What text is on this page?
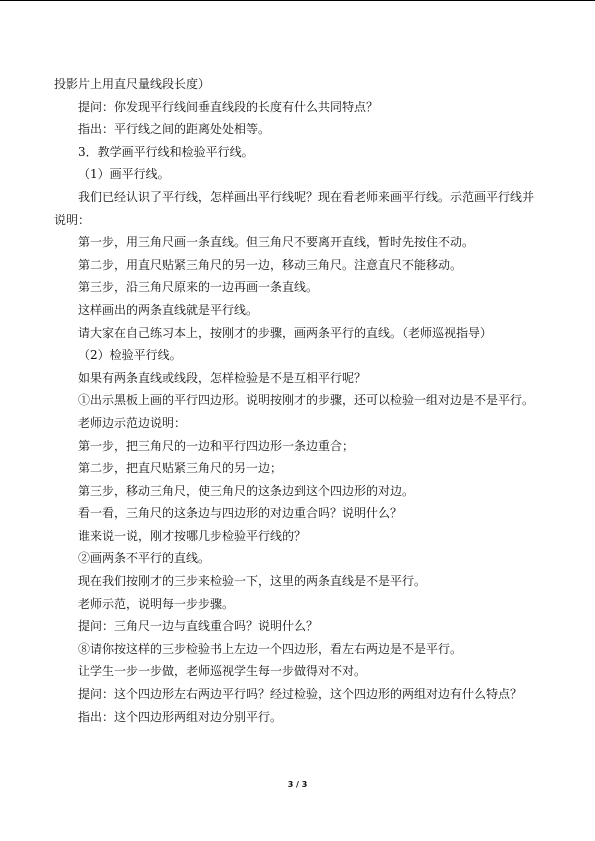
投影片上用直尺量线段长度）

提问：你发现平行线间垂直线段的长度有什么共同特点？

指出：平行线之间的距离处处相等。

3．教学画平行线和检验平行线。

（1）画平行线。

我们已经认识了平行线，怎样画出平行线呢？现在看老师来画平行线。示范画平行线并说明：

第一步，用三角尺画一条直线。但三角尺不要离开直线，暂时先按住不动。

第二步，用直尺贴紧三角尺的另一边，移动三角尺。注意直尺不能移动。

第三步，沿三角尺原来的一边再画一条直线。

这样画出的两条直线就是平行线。

请大家在自己练习本上，按刚才的步骤，画两条平行的直线。（老师巡视指导）

（2）检验平行线。

如果有两条直线或线段，怎样检验是不是互相平行呢？

①出示黑板上画的平行四边形。说明按刚才的步骤，还可以检验一组对边是不是平行。

老师边示范边说明：

第一步，把三角尺的一边和平行四边形一条边重合；

第二步，把直尺贴紧三角尺的另一边；

第三步，移动三角尺，使三角尺的这条边到这个四边形的对边。

看一看，三角尺的这条边与四边形的对边重合吗？说明什么？

谁来说一说，刚才按哪几步检验平行线的？

②画两条不平行的直线。

现在我们按刚才的三步来检验一下，这里的两条直线是不是平行。

老师示范，说明每一步步骤。

提问：三角尺一边与直线重合吗？说明什么？

⑧请你按这样的三步检验书上左边一个四边形，看左右两边是不是平行。

让学生一步一步做，老师巡视学生每一步做得对不对。

提问：这个四边形左右两边平行吗？经过检验，这个四边形的两组对边有什么特点？

指出：这个四边形两组对边分别平行。

3 / 3
